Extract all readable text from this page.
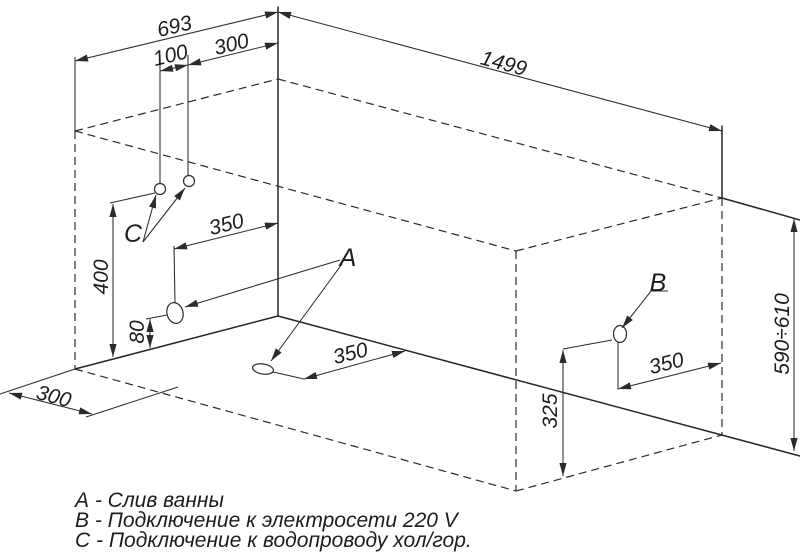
693
300
100	1499
350
400
80
300
350
325
350	590÷610
A
B
C
А - Слив ванны
В - Подключение к электросети 220 V
С - Подключение к водопроводу хол/гор.
